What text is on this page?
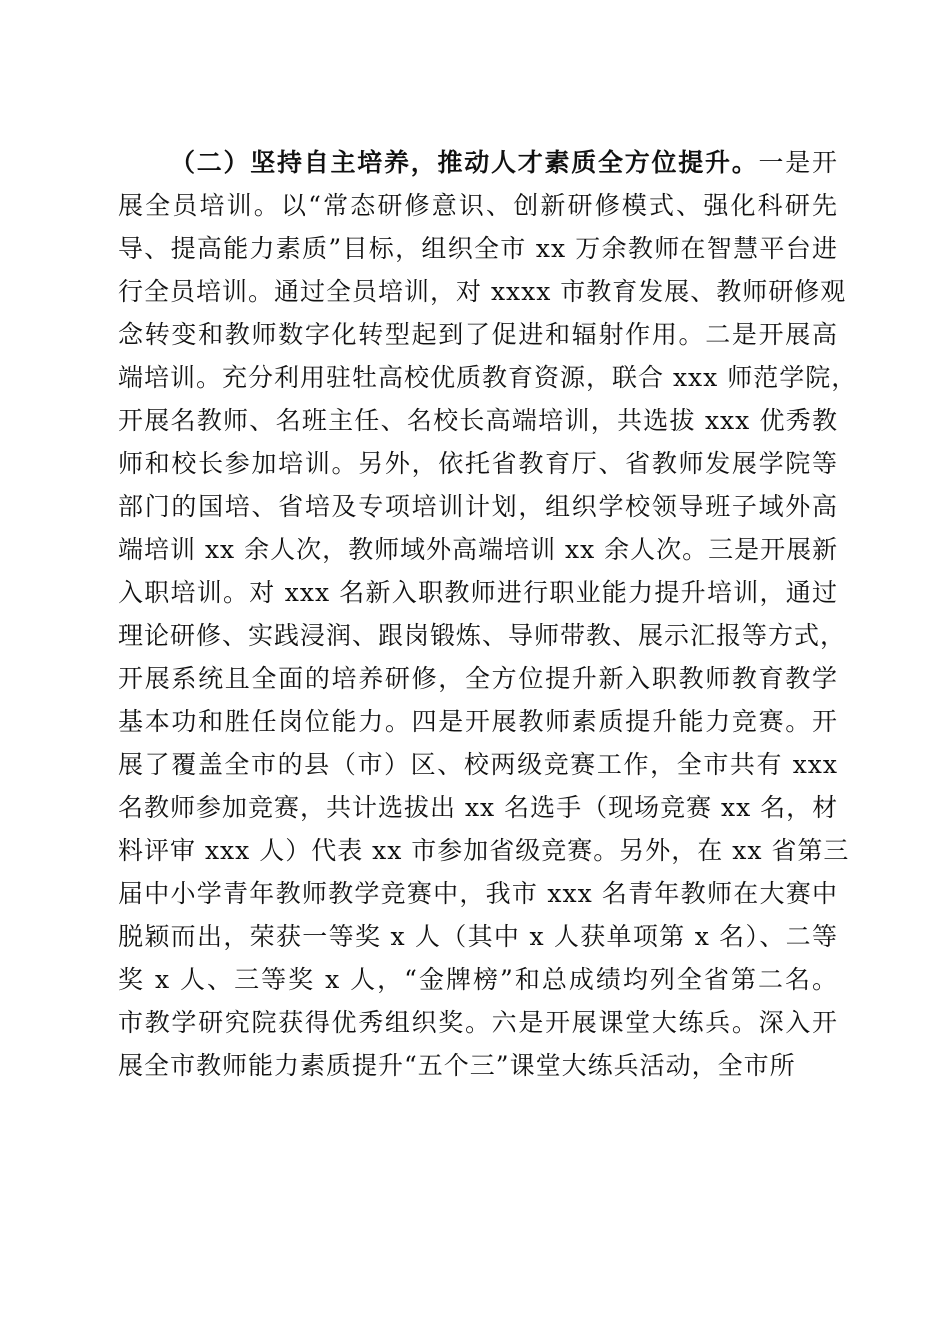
（二）坚持自主培养，推动人才素质全方位提升。一是开
展全员培训。以“常态研修意识、创新研修模式、强化科研先
导、提高能力素质”目标，组织全市 xx 万余教师在智慧平台进
行全员培训。通过全员培训，对 xxxx 市教育发展、教师研修观
念转变和教师数字化转型起到了促进和辐射作用。二是开展高
端培训。充分利用驻牡高校优质教育资源，联合 xxx 师范学院，
开展名教师、名班主任、名校长高端培训，共选拔 xxx 优秀教
师和校长参加培训。另外，依托省教育厅、省教师发展学院等
部门的国培、省培及专项培训计划，组织学校领导班子域外高
端培训 xx 余人次，教师域外高端培训 xx 余人次。三是开展新
入职培训。对 xxx 名新入职教师进行职业能力提升培训，通过
理论研修、实践浸润、跟岗锻炼、导师带教、展示汇报等方式，
开展系统且全面的培养研修，全方位提升新入职教师教育教学
基本功和胜任岗位能力。四是开展教师素质提升能力竞赛。开
展了覆盖全市的县（市）区、校两级竞赛工作，全市共有 xxx
名教师参加竞赛，共计选拔出 xx 名选手（现场竞赛 xx 名，材
料评审 xxx 人）代表 xx 市参加省级竞赛。另外，在 xx 省第三
届中小学青年教师教学竞赛中，我市 xxx 名青年教师在大赛中
脱颖而出，荣获一等奖 x 人（其中 x 人获单项第 x 名）、二等
奖 x 人、三等奖 x 人，“金牌榜”和总成绩均列全省第二名。
市教学研究院获得优秀组织奖。六是开展课堂大练兵。深入开
展全市教师能力素质提升“五个三”课堂大练兵活动，全市所
